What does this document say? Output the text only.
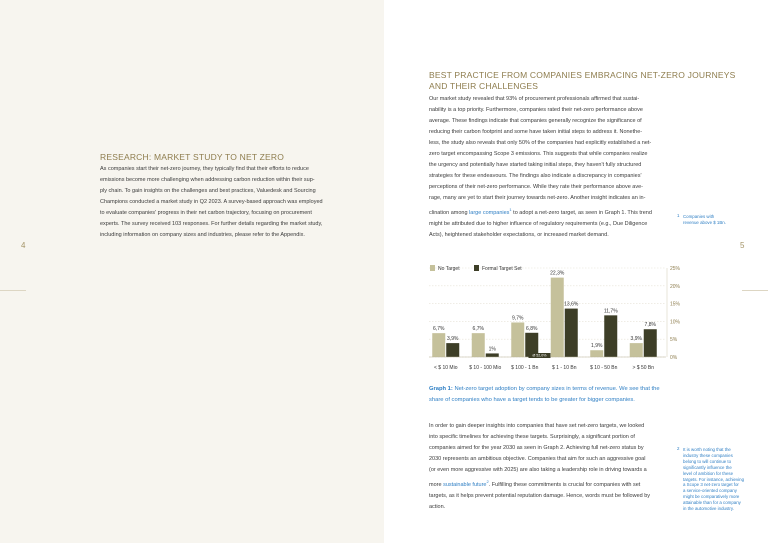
4
RESEARCH: MARKET STUDY TO NET ZERO
As companies start their net-zero journey, they typically find that their efforts to reduce
emissions become more challenging when addressing carbon reduction within their sup-
ply chain. To gain insights on the challenges and best practices, Valuedesk and Sourcing
Champions conducted a market study in Q2 2023. A survey-based approach was employed
to evaluate companies' progress in their net carbon trajectory, focusing on procurement
experts. The survey received 103 responses. For further details regarding the market study,
including information on company sizes and industries, please refer to the Appendix.
5
BEST PRACTICE FROM COMPANIES EMBRACING NET-ZERO JOURNEYS
AND THEIR CHALLENGES
Our market study revealed that 93% of procurement professionals affirmed that sustai-
nability is a top priority. Furthermore, companies rated their net-zero performance above
average. These findings indicate that companies generally recognize the significance of
reducing their carbon footprint and some have taken initial steps to address it. Nonethe-
less, the study also reveals that only 50% of the companies had explicitly established a net-
zero target encompassing Scope 3 emissions. This suggests that while companies realize
the urgency and potentially have started taking initial steps, they haven't fully structured
strategies for these endeavours. The findings also indicate a discrepancy in companies'
perceptions of their net-zero performance. While they rate their performance above ave-
rage, many are yet to start their journey towards net-zero. Another insight indicates an in-
clination among large companies$^1$ to adopt a net-zero target, as seen in Graph 1. This trend
might be attributed due to higher influence of regulatory requirements (e.g., Due Diligence
Acts), heightened stakeholder expectations, or increased market demand.
1 Companies with
revenue above $ 1Bn.
0%
5%
10%
15%
20%
25%
No Target	Formal Target Set
6,7%
3,9%
< $ 10 Mio
6,7%
1%
$ 10 - 100 Mio
9,7%
6,8%
$ 100 - 1 Bn
22,3%
13,6%
$ 1 - 10 Bn
1,9%
11,7%
$ 10 - 50 Bn
3,9%
7,8%
> $ 50 Bn
Ø 52,0%
Graph 1: Net-zero target adoption by company sizes in terms of revenue. We see that the
share of companies who have a target tends to be greater for bigger companies.
In order to gain deeper insights into companies that have set net-zero targets, we looked
into specific timelines for achieving these targets. Surprisingly, a significant portion of
companies aimed for the year 2030 as seen in Graph 2. Achieving full net-zero status by
2030 represents an ambitious objective. Companies that aim for such an aggressive goal
(or even more aggressive with 2025) are also taking a leadership role in driving towards a
more sustainable future$^2$. Fulfilling these commitments is crucial for companies with set
targets, as it helps prevent potential reputation damage. Hence, words must be followed by
action.
2 It is worth noting that the
industry these companies
belong to will continue to
significantly influence the
level of ambition for these
targets. For instance, achieving
a Scope 3 net-zero target for
a service-oriented company
might be comparatively more
attainable than for a company
in the automotive industry.
